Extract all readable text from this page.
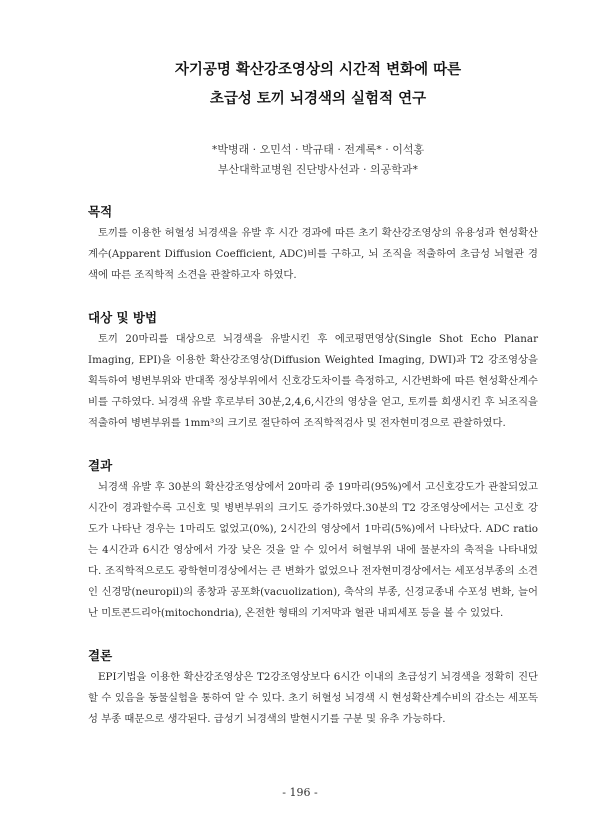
자기공명 확산강조영상의 시간적 변화에 따른
초급성 토끼 뇌경색의 실험적 연구
*박병래 · 오민석 · 박규태 · 전계록* · 이석홍
부산대학교병원 진단방사선과 · 의공학과*
목적

토끼를 이용한 허혈성 뇌경색을 유발 후 시간 경과에 따른 초기 확산강조영상의 유용성과 현성확산계수(Apparent Diffusion Coefficient, ADC)비를 구하고, 뇌 조직을 적출하여 초급성 뇌혈관 경색에 따른 조직학적 소견을 관찰하고자 하였다.

대상 및 방법

토끼 20마리를 대상으로 뇌경색을 유발시킨 후 에코평면영상(Single Shot Echo Planar Imaging, EPI)을 이용한 확산강조영상(Diffusion Weighted Imaging, DWI)과 T2 강조영상을 획득하여 병변부위와 반대쪽 정상부위에서 신호강도차이를 측정하고, 시간변화에 따른 현성확산계수비를 구하였다. 뇌경색 유발 후로부터 30분,2,4,6,시간의 영상을 얻고, 토끼를 희생시킨 후 뇌조직을 적출하여 병변부위를 1mm³의 크기로 절단하여 조직학적검사 및 전자현미경으로 관찰하였다.

결과

뇌경색 유발 후 30분의 확산강조영상에서 20마리 중 19마리(95%)에서 고신호강도가 관찰되었고 시간이 경과할수록 고신호 및 병변부위의 크기도 증가하였다.30분의 T2 강조영상에서는 고신호 강도가 나타난 경우는 1마리도 없었고(0%), 2시간의 영상에서 1마리(5%)에서 나타났다. ADC ratio는 4시간과 6시간 영상에서 가장 낮은 것을 알 수 있어서 허혈부위 내에 물분자의 축적을 나타내었다. 조직학적으로도 광학현미경상에서는 큰 변화가 없었으나 전자현미경상에서는 세포성부종의 소견인 신경망(neuropil)의 종창과 공포화(vacuolization), 축삭의 부종, 신경교종내 수포성 변화, 늘어난 미토콘드리아(mitochondria), 온전한 형태의 기저막과 혈관 내피세포 등을 볼 수 있었다.

결론

EPI기법을 이용한 확산강조영상은 T2강조영상보다 6시간 이내의 초급성기 뇌경색을 정확히 진단할 수 있음을 동물실험을 통하여 알 수 있다. 초기 허혈성 뇌경색 시 현성확산계수비의 감소는 세포독성 부종 때문으로 생각된다. 급성기 뇌경색의 발현시기를 구분 및 유추 가능하다.

- 196 -
